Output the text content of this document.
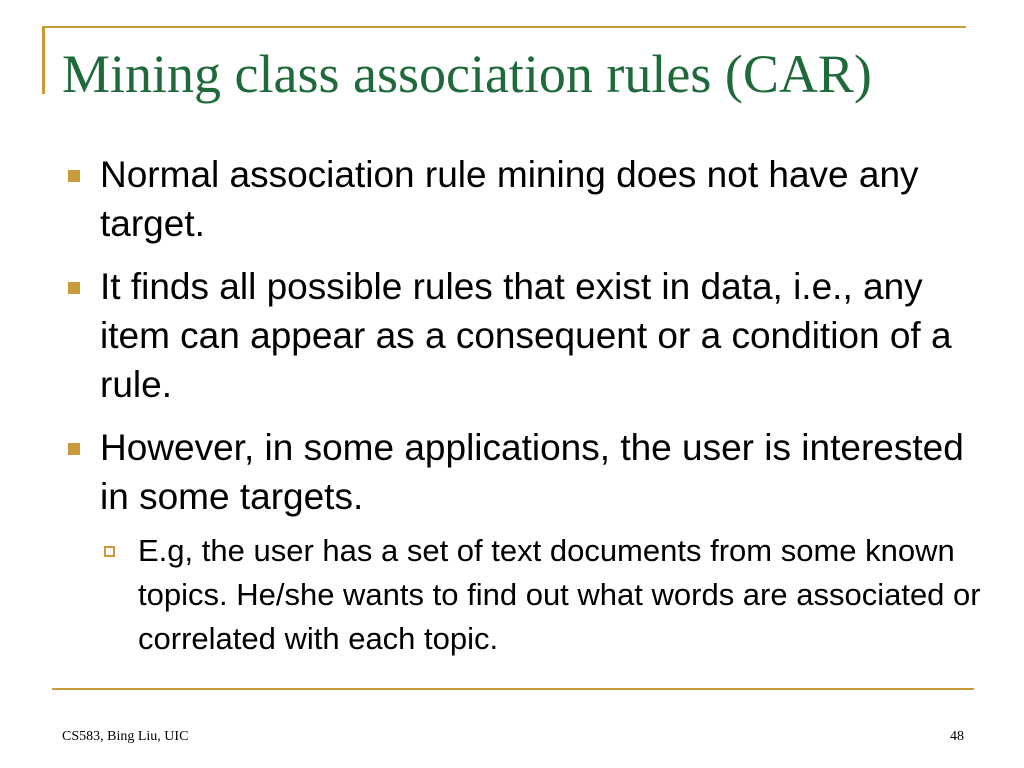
Mining class association rules (CAR)
Normal association rule mining does not have any target.
It finds all possible rules that exist in data, i.e., any item can appear as a consequent or a condition of a rule.
However, in some applications, the user is interested in some targets.
E.g, the user has a set of text documents from some known topics. He/she wants to find out what words are associated or correlated with each topic.
CS583, Bing Liu, UIC	48
